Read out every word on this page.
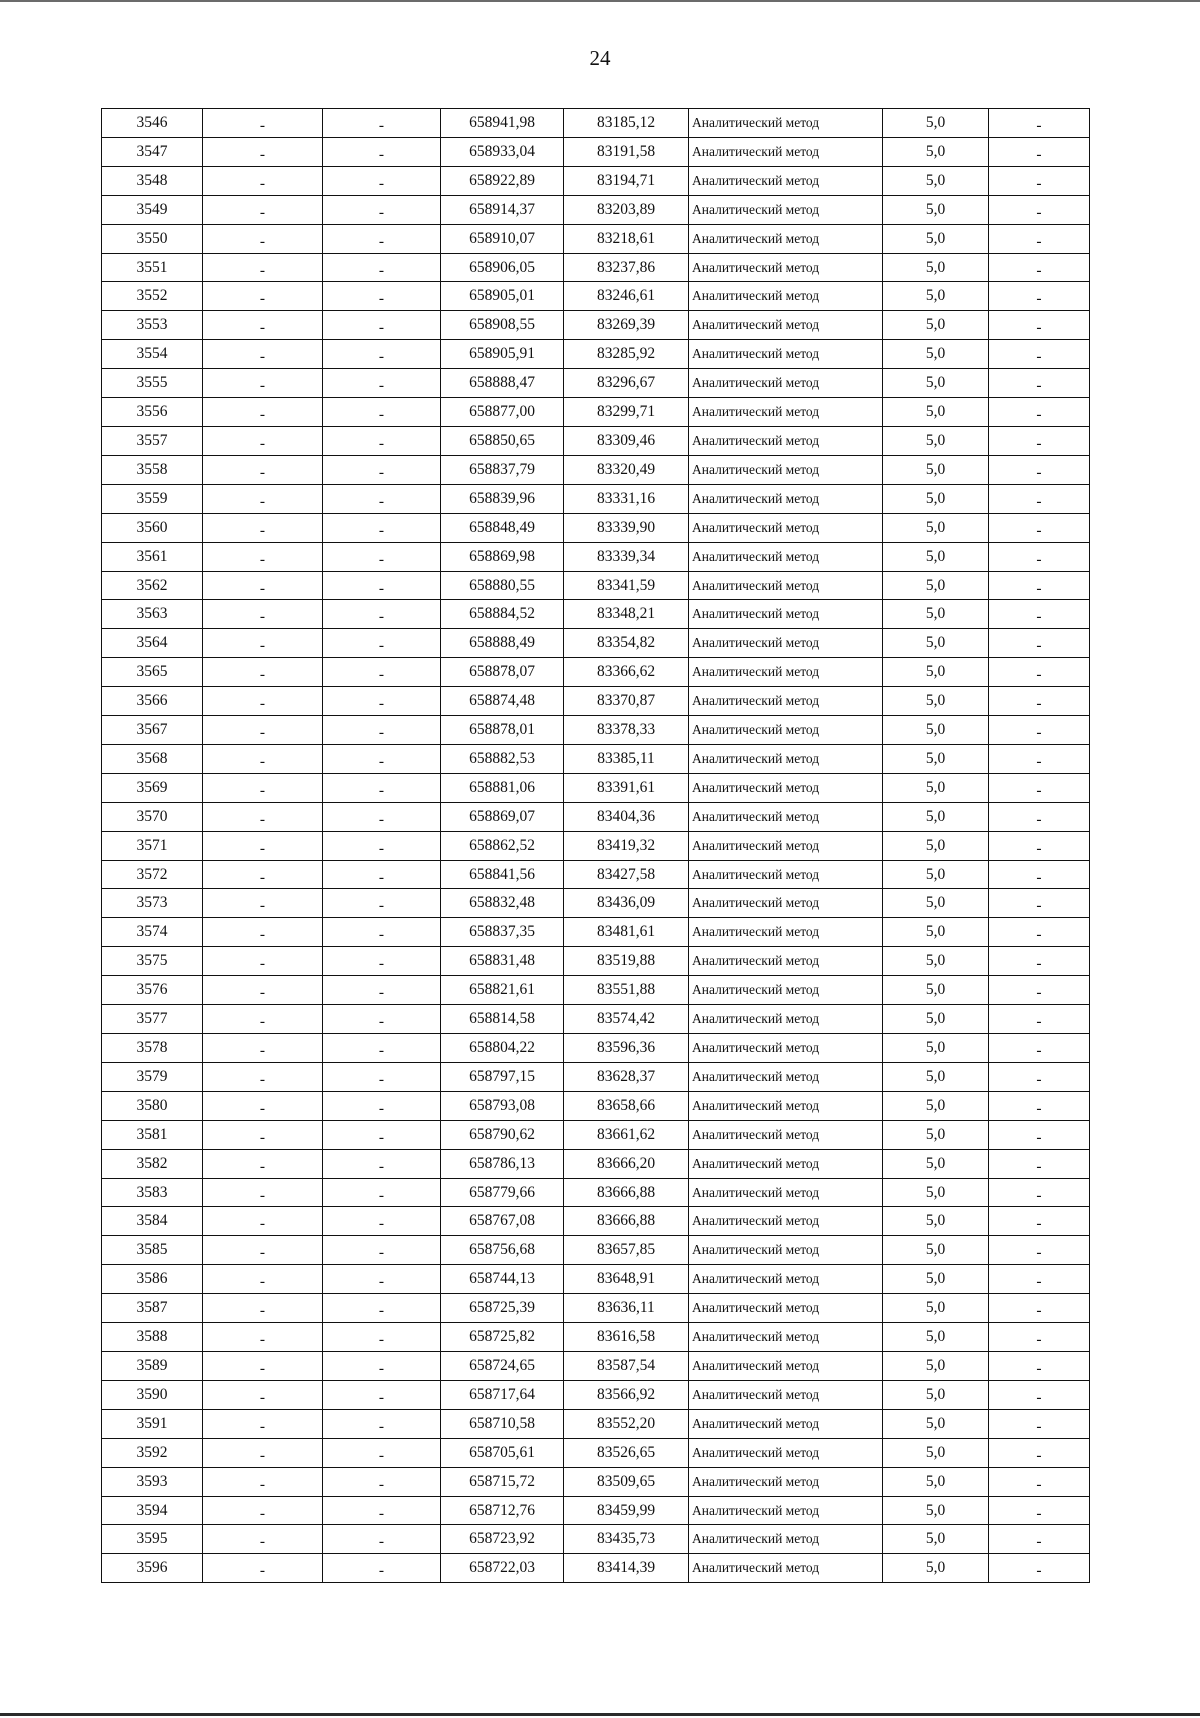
24
3546	-	-	658941,98	83185,12	Аналитический метод	5,0	-
3547	-	-	658933,04	83191,58	Аналитический метод	5,0	-
3548	-	-	658922,89	83194,71	Аналитический метод	5,0	-
3549	-	-	658914,37	83203,89	Аналитический метод	5,0	-
3550	-	-	658910,07	83218,61	Аналитический метод	5,0	-
3551	-	-	658906,05	83237,86	Аналитический метод	5,0	-
3552	-	-	658905,01	83246,61	Аналитический метод	5,0	-
3553	-	-	658908,55	83269,39	Аналитический метод	5,0	-
3554	-	-	658905,91	83285,92	Аналитический метод	5,0	-
3555	-	-	658888,47	83296,67	Аналитический метод	5,0	-
3556	-	-	658877,00	83299,71	Аналитический метод	5,0	-
3557	-	-	658850,65	83309,46	Аналитический метод	5,0	-
3558	-	-	658837,79	83320,49	Аналитический метод	5,0	-
3559	-	-	658839,96	83331,16	Аналитический метод	5,0	-
3560	-	-	658848,49	83339,90	Аналитический метод	5,0	-
3561	-	-	658869,98	83339,34	Аналитический метод	5,0	-
3562	-	-	658880,55	83341,59	Аналитический метод	5,0	-
3563	-	-	658884,52	83348,21	Аналитический метод	5,0	-
3564	-	-	658888,49	83354,82	Аналитический метод	5,0	-
3565	-	-	658878,07	83366,62	Аналитический метод	5,0	-
3566	-	-	658874,48	83370,87	Аналитический метод	5,0	-
3567	-	-	658878,01	83378,33	Аналитический метод	5,0	-
3568	-	-	658882,53	83385,11	Аналитический метод	5,0	-
3569	-	-	658881,06	83391,61	Аналитический метод	5,0	-
3570	-	-	658869,07	83404,36	Аналитический метод	5,0	-
3571	-	-	658862,52	83419,32	Аналитический метод	5,0	-
3572	-	-	658841,56	83427,58	Аналитический метод	5,0	-
3573	-	-	658832,48	83436,09	Аналитический метод	5,0	-
3574	-	-	658837,35	83481,61	Аналитический метод	5,0	-
3575	-	-	658831,48	83519,88	Аналитический метод	5,0	-
3576	-	-	658821,61	83551,88	Аналитический метод	5,0	-
3577	-	-	658814,58	83574,42	Аналитический метод	5,0	-
3578	-	-	658804,22	83596,36	Аналитический метод	5,0	-
3579	-	-	658797,15	83628,37	Аналитический метод	5,0	-
3580	-	-	658793,08	83658,66	Аналитический метод	5,0	-
3581	-	-	658790,62	83661,62	Аналитический метод	5,0	-
3582	-	-	658786,13	83666,20	Аналитический метод	5,0	-
3583	-	-	658779,66	83666,88	Аналитический метод	5,0	-
3584	-	-	658767,08	83666,88	Аналитический метод	5,0	-
3585	-	-	658756,68	83657,85	Аналитический метод	5,0	-
3586	-	-	658744,13	83648,91	Аналитический метод	5,0	-
3587	-	-	658725,39	83636,11	Аналитический метод	5,0	-
3588	-	-	658725,82	83616,58	Аналитический метод	5,0	-
3589	-	-	658724,65	83587,54	Аналитический метод	5,0	-
3590	-	-	658717,64	83566,92	Аналитический метод	5,0	-
3591	-	-	658710,58	83552,20	Аналитический метод	5,0	-
3592	-	-	658705,61	83526,65	Аналитический метод	5,0	-
3593	-	-	658715,72	83509,65	Аналитический метод	5,0	-
3594	-	-	658712,76	83459,99	Аналитический метод	5,0	-
3595	-	-	658723,92	83435,73	Аналитический метод	5,0	-
3596	-	-	658722,03	83414,39	Аналитический метод	5,0	-
